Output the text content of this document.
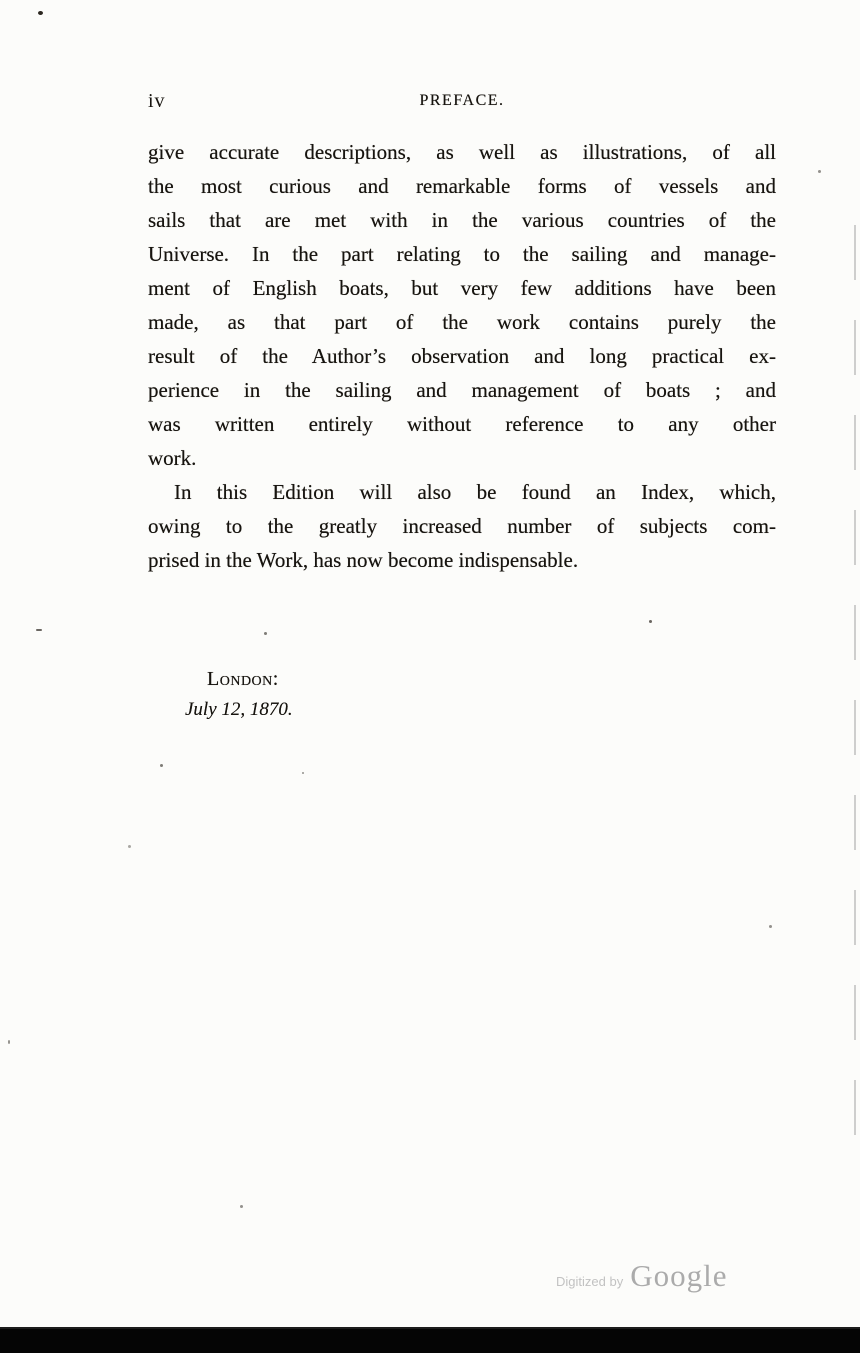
iv	PREFACE.
give accurate descriptions, as well as illustrations, of all
the most curious and remarkable forms of vessels and
sails that are met with in the various countries of the
Universe. In the part relating to the sailing and manage-
ment of English boats, but very few additions have been
made, as that part of the work contains purely the
result of the Author’s observation and long practical ex-
perience in the sailing and management of boats ; and
was written entirely without reference to any other
work.
In this Edition will also be found an Index, which,
owing to the greatly increased number of subjects com-
prised in the Work, has now become indispensable.
London:
July 12, 1870.
Digitized by Google
